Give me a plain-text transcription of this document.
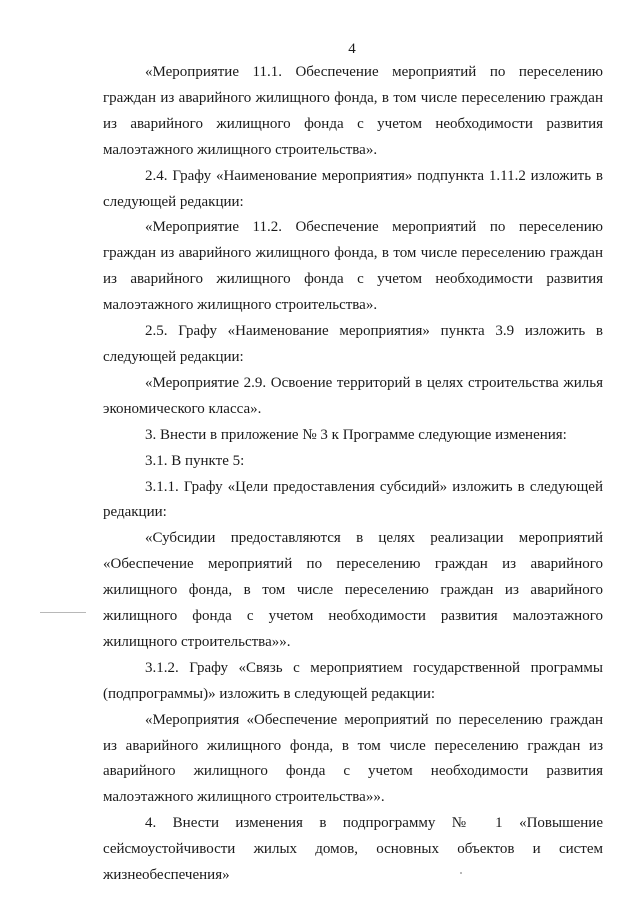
4

«Мероприятие 11.1. Обеспечение мероприятий по переселению граждан из аварийного жилищного фонда, в том числе переселению граждан из аварийного жилищного фонда с учетом необходимости развития малоэтажного жилищного строительства».

2.4. Графу «Наименование мероприятия» подпункта 1.11.2 изложить в следующей редакции:

«Мероприятие 11.2. Обеспечение мероприятий по переселению граждан из аварийного жилищного фонда, в том числе переселению граждан из аварийного жилищного фонда с учетом необходимости развития малоэтажного жилищного строительства».

2.5. Графу «Наименование мероприятия» пункта 3.9 изложить в следующей редакции:

«Мероприятие 2.9. Освоение территорий в целях строительства жилья экономического класса».

3. Внести в приложение № 3 к Программе следующие изменения:

3.1. В пункте 5:

3.1.1. Графу «Цели предоставления субсидий» изложить в следующей редакции:

«Субсидии предоставляются в целях реализации мероприятий «Обеспечение мероприятий по переселению граждан из аварийного жилищного фонда, в том числе переселению граждан из аварийного жилищного фонда с учетом необходимости развития малоэтажного жилищного строительства»».

3.1.2. Графу «Связь с мероприятием государственной программы (подпрограммы)» изложить в следующей редакции:

«Мероприятия «Обеспечение мероприятий по переселению граждан из аварийного жилищного фонда, в том числе переселению граждан из аварийного жилищного фонда с учетом необходимости развития малоэтажного жилищного строительства»».

4. Внести изменения в подпрограмму № 1 «Повышение сейсмоустойчивости жилых домов, основных объектов и систем жизнеобеспечения»
